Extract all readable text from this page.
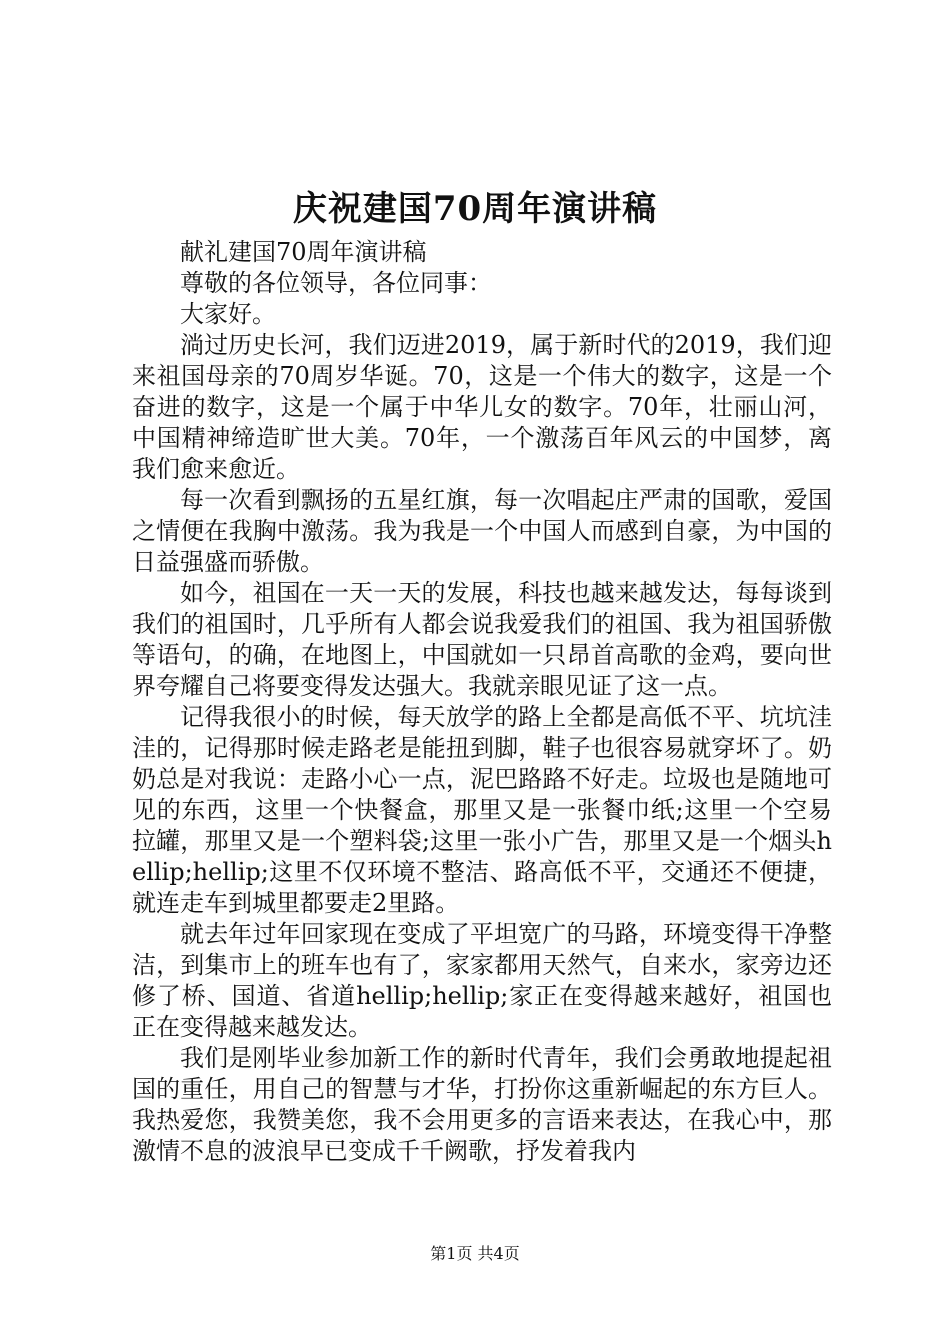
庆祝建国70周年演讲稿

献礼建国70周年演讲稿

尊敬的各位领导，各位同事：

大家好。

淌过历史长河，我们迈进2019，属于新时代的2019，我们迎来祖国母亲的70周岁华诞。70，这是一个伟大的数字，这是一个奋进的数字，这是一个属于中华儿女的数字。70年，壮丽山河，中国精神缔造旷世大美。70年，一个激荡百年风云的中国梦，离我们愈来愈近。

每一次看到飘扬的五星红旗，每一次唱起庄严肃的国歌，爱国之情便在我胸中激荡。我为我是一个中国人而感到自豪，为中国的日益强盛而骄傲。

如今，祖国在一天一天的发展，科技也越来越发达，每每谈到我们的祖国时，几乎所有人都会说我爱我们的祖国、我为祖国骄傲等语句，的确，在地图上，中国就如一只昂首高歌的金鸡，要向世界夸耀自己将要变得发达强大。我就亲眼见证了这一点。

记得我很小的时候，每天放学的路上全都是高低不平、坑坑洼洼的，记得那时候走路老是能扭到脚，鞋子也很容易就穿坏了。奶奶总是对我说：走路小心一点，泥巴路路不好走。垃圾也是随地可见的东西，这里一个快餐盒，那里又是一张餐巾纸;这里一个空易拉罐，那里又是一个塑料袋;这里一张小广告，那里又是一个烟头hellip;hellip;这里不仅环境不整洁、路高低不平，交通还不便捷，就连走车到城里都要走2里路。

就去年过年回家现在变成了平坦宽广的马路，环境变得干净整洁，到集市上的班车也有了，家家都用天然气，自来水，家旁边还修了桥、国道、省道hellip;hellip;家正在变得越来越好，祖国也正在变得越来越发达。

我们是刚毕业参加新工作的新时代青年，我们会勇敢地提起祖国的重任，用自己的智慧与才华，打扮你这重新崛起的东方巨人。我热爱您，我赞美您，我不会用更多的言语来表达，在我心中，那激情不息的波浪早已变成千千阙歌，抒发着我内

第1页 共4页
